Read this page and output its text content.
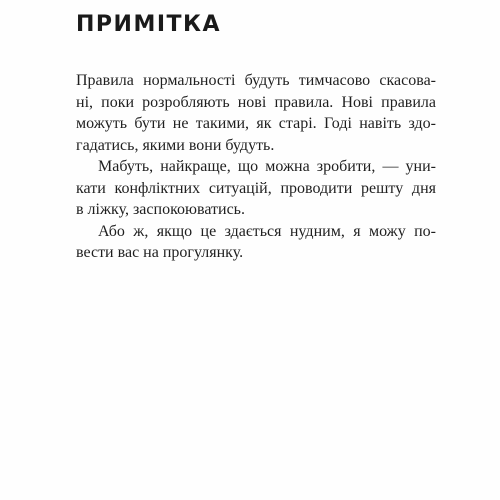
ПРИМІТКА
Правила нормальності будуть тимчасово скасова-
ні, поки розробляють нові правила. Нові правила
можуть бути не такими, як старі. Годі навіть здо-
гадатись, якими вони будуть.
Мабуть, найкраще, що можна зробити, — уни-
кати конфліктних ситуацій, проводити решту дня
в ліжку, заспокоюватись.
Або ж, якщо це здається нудним, я можу по-
вести вас на прогулянку.
